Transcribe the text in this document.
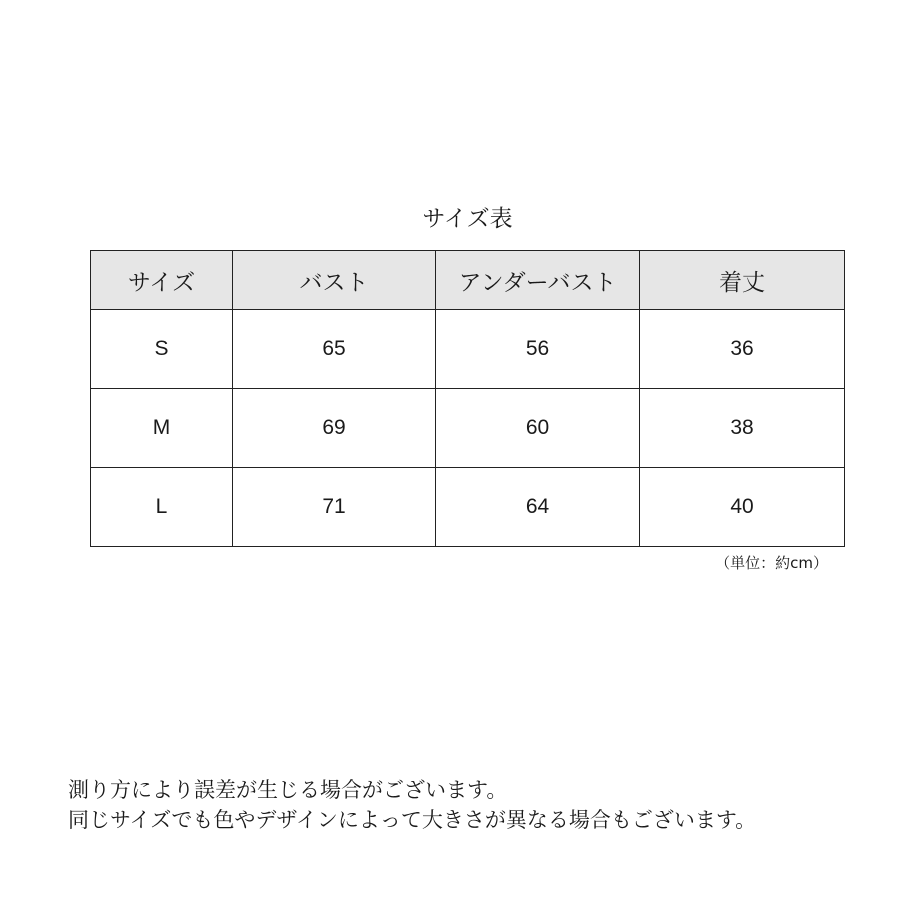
サイズ表
サイズ	バスト	アンダーバスト	着丈
S	65	56	36
M	69	60	38
L	71	64	40
（単位：約cm）

測り方により誤差が生じる場合がございます。

同じサイズでも色やデザインによって大きさが異なる場合もございます。
